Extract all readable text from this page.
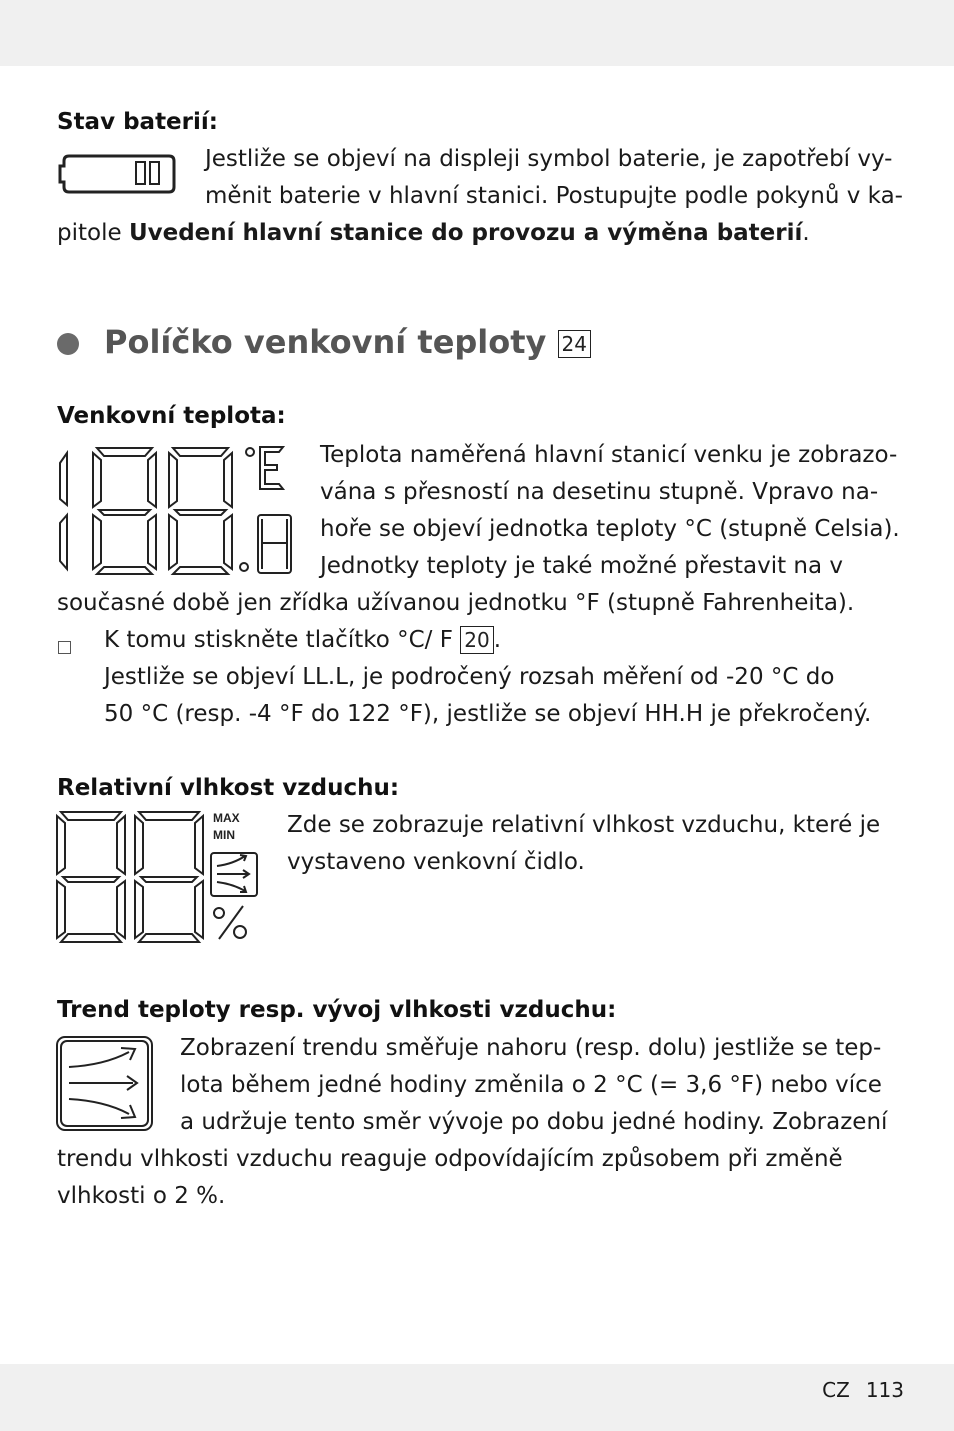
Stav baterií:
Jestliže se objeví na displeji symbol baterie, je zapotřebí vy-
měnit baterie v hlavní stanici. Postupujte podle pokynů v ka-
pitole Uvedení hlavní stanice do provozu a výměna baterií.
Políčko venkovní teploty 24
Venkovní teplota:
Teplota naměřená hlavní stanicí venku je zobrazo-
vána s přesností na desetinu stupně. Vpravo na-
hoře se objeví jednotka teploty °C (stupně Celsia).
Jednotky teploty je také možné přestavit na v
současné době jen zřídka užívanou jednotku °F (stupně Fahrenheita).
K tomu stiskněte tlačítko °C/ F 20 .
Jestliže se objeví LL.L, je področený rozsah měření od -20 °C do
50 °C (resp. -4 °F do 122 °F), jestliže se objeví HH.H je překročený.
Relativní vlhkost vzduchu:
MAX
MIN Zde se zobrazuje relativní vlhkost vzduchu, které je
vystaveno venkovní čidlo.
Trend teploty resp. vývoj vlhkosti vzduchu:
Zobrazení trendu směřuje nahoru (resp. dolu) jestliže se tep-
lota během jedné hodiny změnila o 2 °C (= 3,6 °F) nebo více
a udržuje tento směr vývoje po dobu jedné hodiny. Zobrazení
trendu vlhkosti vzduchu reaguje odpovídajícím způsobem při změně
vlhkosti o 2 %.
CZ 113
